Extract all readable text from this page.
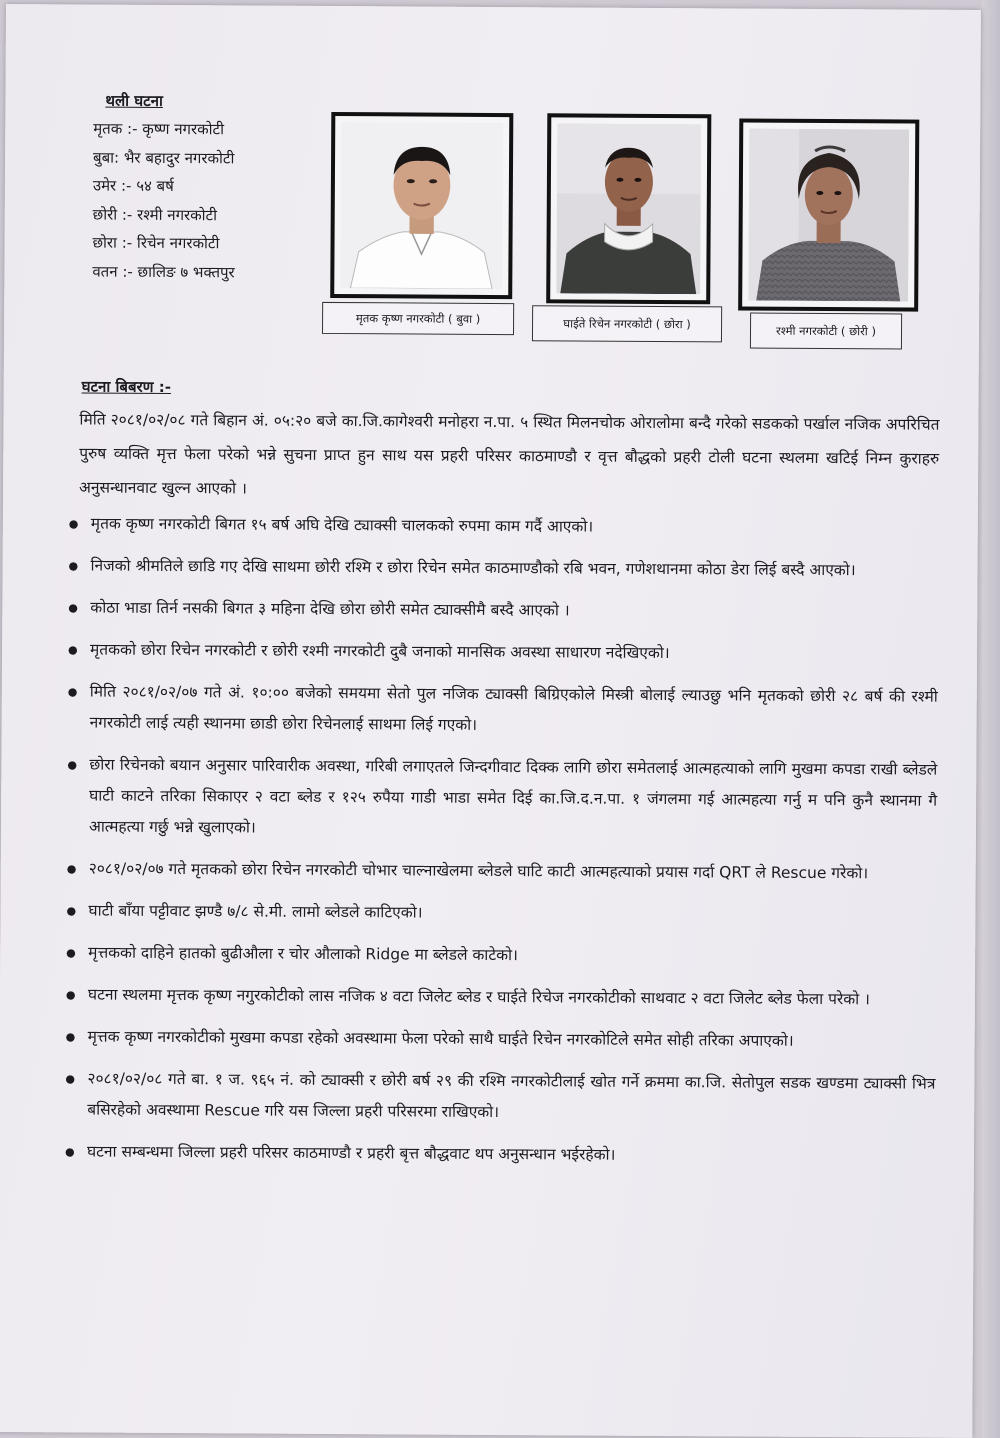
थली घटना
मृतक :- कृष्ण नगरकोटी
बुबा: भैर बहादुर नगरकोटी
उमेर :- ५४ बर्ष
छोरी :- रश्मी नगरकोटी
छोरा :- रिचेन नगरकोटी
वतन :- छालिङ ७ भक्तपुर
मृतक कृष्ण नगरकोटी ( बुवा )	घाईते रिचेन नगरकोटी ( छोरा )	रश्मी नगरकोटी ( छोरी )
घटना बिबरण :-

मिति २०८१/०२/०८ गते बिहान अं. ०५:२० बजे का.जि.कागेश्वरी मनोहरा न.पा. ५ स्थित मिलनचोक ओरालोमा बन्दै गरेको सडकको पर्खाल नजिक अपरिचित पुरुष व्यक्ति मृत्त फेला परेको भन्ने सुचना प्राप्त हुन साथ यस प्रहरी परिसर काठमाण्डौ र वृत्त बौद्धको प्रहरी टोली घटना स्थलमा खटिई निम्न कुराहरु अनुसन्धानवाट खुल्न आएको ।

● मृतक कृष्ण नगरकोटी बिगत १५ बर्ष अघि देखि ट्याक्सी चालकको रुपमा काम गर्दै आएको।
● निजको श्रीमतिले छाडि गए देखि साथमा छोरी रश्मि र छोरा रिचेन समेत काठमाण्डौको रबि भवन, गणेशथानमा कोठा डेरा लिई बस्दै आएको।
● कोठा भाडा तिर्न नसकी बिगत ३ महिना देखि छोरा छोरी समेत ट्याक्सीमै बस्दै आएको ।
● मृतकको छोरा रिचेन नगरकोटी र छोरी रश्मी नगरकोटी दुबै जनाको मानसिक अवस्था साधारण नदेखिएको।
● मिति २०८१/०२/०७ गते अं. १०:०० बजेको समयमा सेतो पुल नजिक ट्याक्सी बिग्रिएकोले मिस्त्री बोलाई ल्याउछु भनि मृतकको छोरी २८ बर्ष की रश्मी नगरकोटी लाई त्यही स्थानमा छाडी छोरा रिचेनलाई साथमा लिई गएको।
● छोरा रिचेनको बयान अनुसार पारिवारीक अवस्था, गरिबी लगाएतले जिन्दगीवाट दिक्क लागि छोरा समेतलाई आत्महत्याको लागि मुखमा कपडा राखी ब्लेडले घाटी काटने तरिका सिकाएर २ वटा ब्लेड र १२५ रुपैया गाडी भाडा समेत दिई का.जि.द.न.पा. १ जंगलमा गई आत्महत्या गर्नु म पनि कुनै स्थानमा गै आत्महत्या गर्छु भन्ने खुलाएको।
● २०८१/०२/०७ गते मृतकको छोरा रिचेन नगरकोटी चोभार चाल्नाखेलमा ब्लेडले घाटि काटी आत्महत्याको प्रयास गर्दा QRT ले Rescue गरेको।
● घाटी बाँया पट्टीवाट झण्डै ७/८ से.मी. लामो ब्लेडले काटिएको।
● मृत्तकको दाहिने हातको बुढीऔला र चोर औलाको Ridge मा ब्लेडले काटेको।
● घटना स्थलमा मृत्तक कृष्ण नगुरकोटीको लास नजिक ४ वटा जिलेट ब्लेड र घाईते रिचेज नगरकोटीको साथवाट २ वटा जिलेट ब्लेड फेला परेको ।
● मृत्तक कृष्ण नगरकोटीको मुखमा कपडा रहेको अवस्थामा फेला परेको साथै घाईते रिचेन नगरकोटिले समेत सोही तरिका अपाएको।
● २०८१/०२/०८ गते बा. १ ज. ९६५ नं. को ट्याक्सी र छोरी बर्ष २९ की रश्मि नगरकोटीलाई खोत गर्ने क्रममा का.जि. सेतोपुल सडक खण्डमा ट्याक्सी भित्र बसिरहेको अवस्थामा Rescue गरि यस जिल्ला प्रहरी परिसरमा राखिएको।
● घटना सम्बन्धमा जिल्ला प्रहरी परिसर काठमाण्डौ र प्रहरी बृत्त बौद्धवाट थप अनुसन्धान भईरहेको।
